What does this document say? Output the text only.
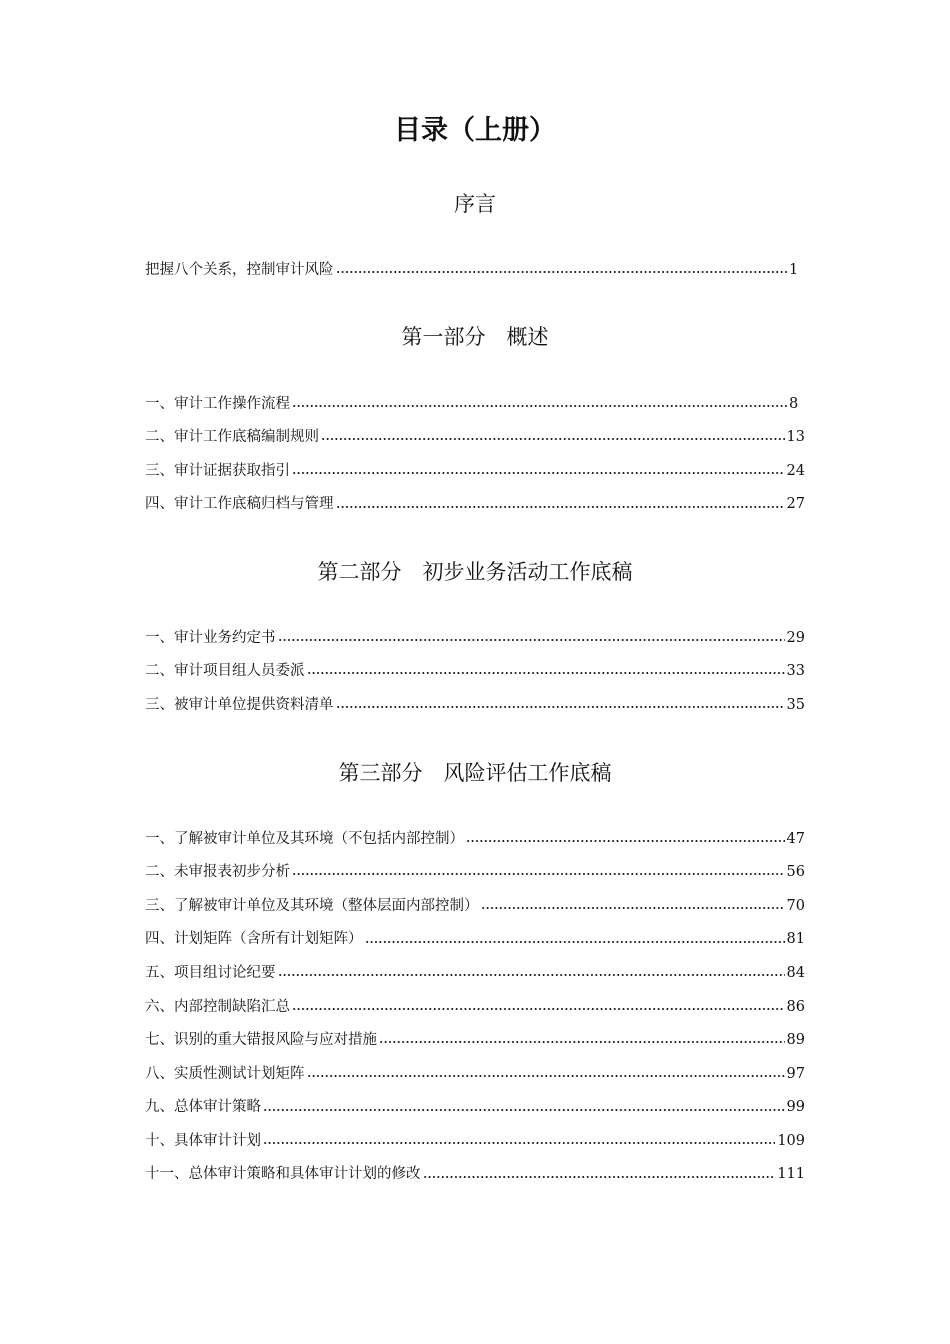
目录（上册）
序言
把握八个关系，控制审计风险	1
第一部分　概述
一、审计工作操作流程	8
二、审计工作底稿编制规则	13
三、审计证据获取指引	24
四、审计工作底稿归档与管理	27
第二部分　初步业务活动工作底稿
一、审计业务约定书	29
二、审计项目组人员委派	33
三、被审计单位提供资料清单	35
第三部分　风险评估工作底稿
一、了解被审计单位及其环境（不包括内部控制）	47
二、未审报表初步分析	56
三、了解被审计单位及其环境（整体层面内部控制）	70
四、计划矩阵（含所有计划矩阵）	81
五、项目组讨论纪要	84
六、内部控制缺陷汇总	86
七、识别的重大错报风险与应对措施	89
八、实质性测试计划矩阵	97
九、总体审计策略	99
十、具体审计计划	109
十一、总体审计策略和具体审计计划的修改	111
